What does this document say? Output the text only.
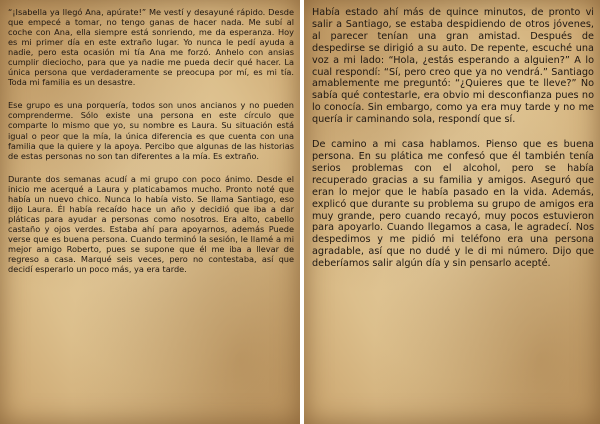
“¡Isabella ya llegó Ana, apúrate!” Me vestí y desayuné rápido. Desde que empecé a tomar, no tengo ganas de hacer nada. Me subí al coche con Ana, ella siempre está sonriendo, me da esperanza. Hoy es mi primer día en este extraño lugar. Yo nunca le pedí ayuda a nadie, pero esta ocasión mi tía Ana me forzó. Anhelo con ansias cumplir dieciocho, para que ya nadie me pueda decir qué hacer. La única persona que verdaderamente se preocupa por mí, es mi tía. Toda mi familia es un desastre.

Ese grupo es una porquería, todos son unos ancianos y no pueden comprenderme. Sólo existe una persona en este círculo que comparte lo mismo que yo, su nombre es Laura. Su situación está igual o peor que la mía, la única diferencia es que cuenta con una familia que la quiere y la apoya. Percibo que algunas de las historias de estas personas no son tan diferentes a la mía. Es extraño.

Durante dos semanas acudí a mi grupo con poco ánimo. Desde el inicio me acerqué a Laura y platicabamos mucho. Pronto noté que había un nuevo chico. Nunca lo había visto. Se llama Santiago, eso dijo Laura. Él había recaído hace un año y decidió que iba a dar pláticas para ayudar a personas como nosotros. Era alto, cabello castaño y ojos verdes. Estaba ahí para apoyarnos, además Puede verse que es buena persona. Cuando terminó la sesión, le llamé a mi mejor amigo Roberto, pues se supone que él me iba a llevar de regreso a casa. Marqué seis veces, pero no contestaba, así que decidí esperarlo un poco más, ya era tarde.

Había estado ahí más de quince minutos, de pronto vi salir a Santiago, se estaba despidiendo de otros jóvenes, al parecer tenían una gran amistad. Después de despedirse se dirigió a su auto. De repente, escuché una voz a mi lado: “Hola, ¿estás esperando a alguien?” A lo cual respondí: “Sí, pero creo que ya no vendrá.” Santiago amablemente me preguntó: “¿Quieres que te lleve?” No sabía qué contestarle, era obvio mi desconfianza pues no lo conocía. Sin embargo, como ya era muy tarde y no me quería ir caminando sola, respondí que sí.

De camino a mi casa hablamos. Pienso que es buena persona. En su plática me confesó que él también tenía serios problemas con el alcohol, pero se había recuperado gracias a su familia y amigos. Aseguró que eran lo mejor que le había pasado en la vida. Además, explicó que durante su problema su grupo de amigos era muy grande, pero cuando recayó, muy pocos estuvieron para apoyarlo. Cuando llegamos a casa, le agradecí. Nos despedimos y me pidió mi teléfono era una persona agradable, así que no dudé y le di mi número. Dijo que deberíamos salir algún día y sin pensarlo acepté.
